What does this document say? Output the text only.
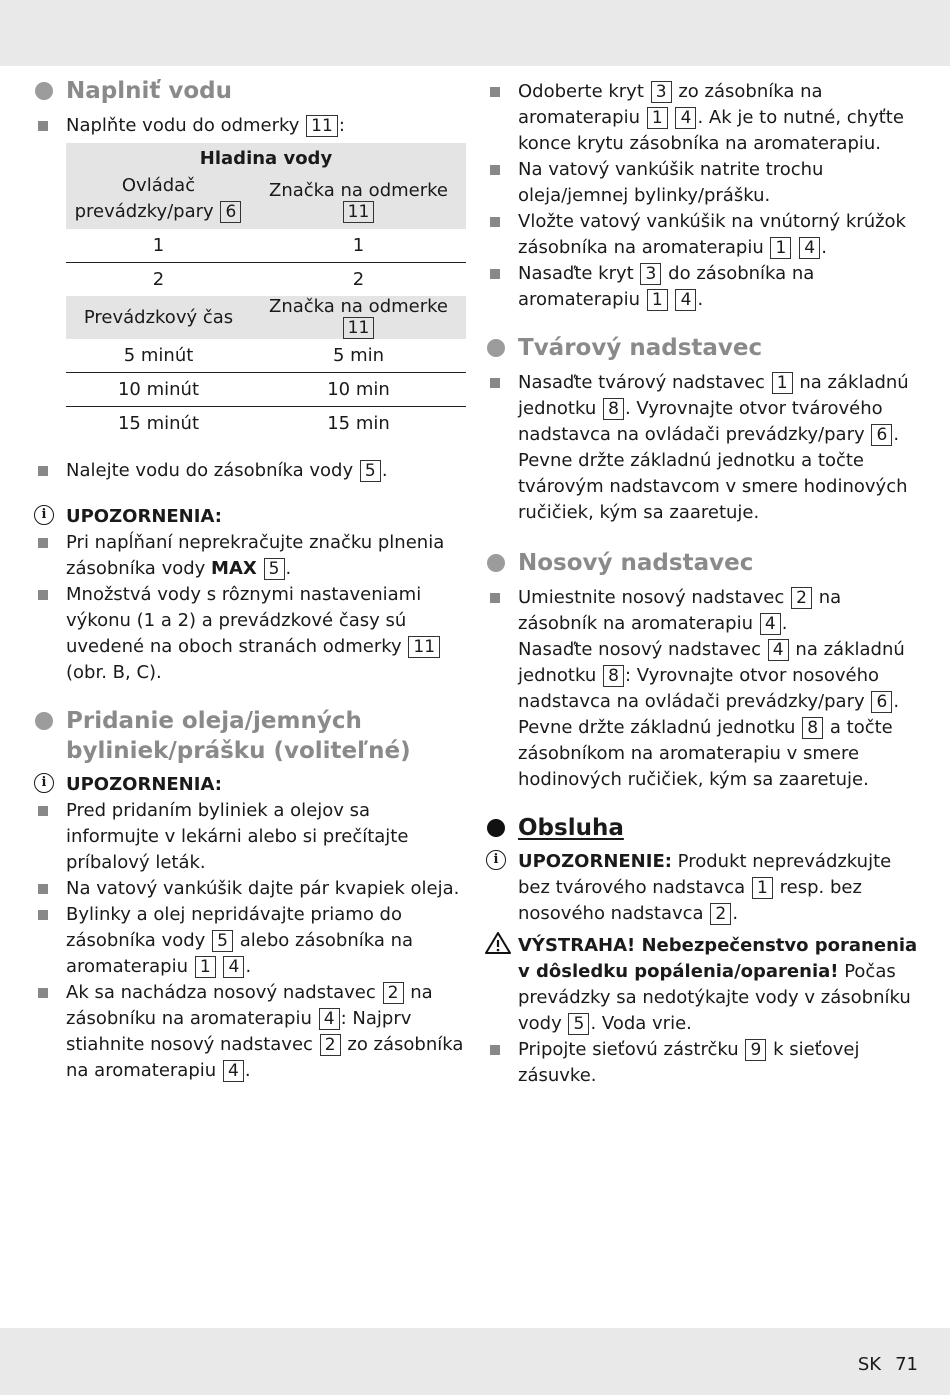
Naplniť vodu

Naplňte vodu do odmerky 11 :

Hladina vody	
Ovládač
prevádzky/pary 6	Značka na odmerke 11
1	1
2	2
Prevádzkový čas	Značka na odmerke 11
5 minút	5 min
10 minút	10 min
15 minút	15 min

Nalejte vodu do zásobníka vody 5 .

i	UPOZORNENIA:

Pri napĺňaní neprekračujte značku plnenia zásobníka vody MAX 5 .

Množstvá vody s rôznymi nastaveniami výkonu (1 a 2) a prevádzkové časy sú uvedené na oboch stranách odmerky 11 (obr. B, C).

Pridanie oleja/jemných
byliniek/prášku (voliteľné)

i	UPOZORNENIA:

Pred pridaním byliniek a olejov sa informujte v lekárni alebo si prečítajte príbalový leták.

Na vatový vankúšik dajte pár kvapiek oleja.

Bylinky a olej nepridávajte priamo do zásobníka vody 5 alebo zásobníka na aromaterapiu 1 4 .

Ak sa nachádza nosový nadstavec 2 na zásobníku na aromaterapiu 4 : Najprv stiahnite nosový nadstavec 2 zo zásobníka na aromaterapiu 4 .

Odoberte kryt 3 zo zásobníka na aromaterapiu 1 4 . Ak je to nutné, chyťte konce krytu zásobníka na aromaterapiu.

Na vatový vankúšik natrite trochu oleja/jemnej bylinky/prášku.

Vložte vatový vankúšik na vnútorný krúžok zásobníka na aromaterapiu 1 4 .

Nasaďte kryt 3 do zásobníka na aromaterapiu 1 4 .

Tvárový nadstavec

Nasaďte tvárový nadstavec 1 na základnú jednotku 8 . Vyrovnajte otvor tvárového nadstavca na ovládači prevádzky/pary 6 .

Pevne držte základnú jednotku a točte tvárovým nadstavcom v smere hodinových ručičiek, kým sa zaaretuje.

Nosový nadstavec

Umiestnite nosový nadstavec 2 na zásobník na aromaterapiu 4 .

Nasaďte nosový nadstavec 4 na základnú jednotku 8 : Vyrovnajte otvor nosového nadstavca na ovládači prevádzky/pary 6 .

Pevne držte základnú jednotku 8 a točte zásobníkom na aromaterapiu v smere hodinových ručičiek, kým sa zaaretuje.

Obsluha

i	UPOZORNENIE: Produkt neprevádzkujte bez tvárového nadstavca 1 resp. bez nosového nadstavca 2 .

VÝSTRAHA! Nebezpečenstvo poranenia v dôsledku popálenia/oparenia! Počas prevádzky sa nedotýkajte vody v zásobníku vody 5 . Voda vrie.

Pripojte sieťovú zástrčku 9 k sieťovej zásuvke.

SK 71
